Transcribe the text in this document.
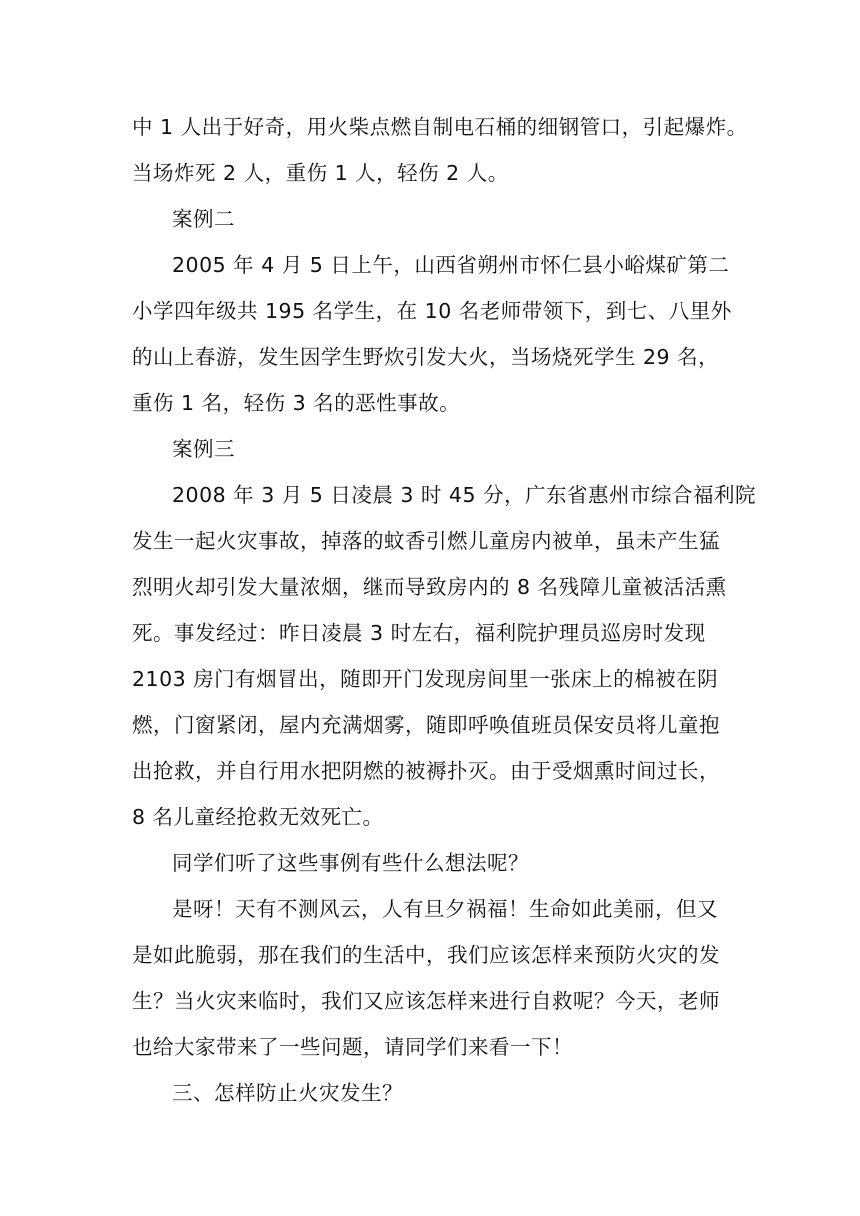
中 1 人出于好奇，用火柴点燃自制电石桶的细钢管口，引起爆炸。
当场炸死 2 人，重伤 1 人，轻伤 2 人。
案例二
2005 年 4 月 5 日上午，山西省朔州市怀仁县小峪煤矿第二
小学四年级共 195 名学生，在 10 名老师带领下，到七、八里外
的山上春游，发生因学生野炊引发大火，当场烧死学生 29 名，
重伤 1 名，轻伤 3 名的恶性事故。
案例三
2008 年 3 月 5 日凌晨 3 时 45 分，广东省惠州市综合福利院
发生一起火灾事故，掉落的蚊香引燃儿童房内被单，虽未产生猛
烈明火却引发大量浓烟，继而导致房内的 8 名残障儿童被活活熏
死。事发经过：昨日凌晨 3 时左右，福利院护理员巡房时发现
2103 房门有烟冒出，随即开门发现房间里一张床上的棉被在阴
燃，门窗紧闭，屋内充满烟雾，随即呼唤值班员保安员将儿童抱
出抢救，并自行用水把阴燃的被褥扑灭。由于受烟熏时间过长，
8 名儿童经抢救无效死亡。
同学们听了这些事例有些什么想法呢？
是呀！天有不测风云，人有旦夕祸福！生命如此美丽，但又
是如此脆弱，那在我们的生活中，我们应该怎样来预防火灾的发
生？当火灾来临时，我们又应该怎样来进行自救呢？今天，老师
也给大家带来了一些问题，请同学们来看一下！
三、怎样防止火灾发生？
